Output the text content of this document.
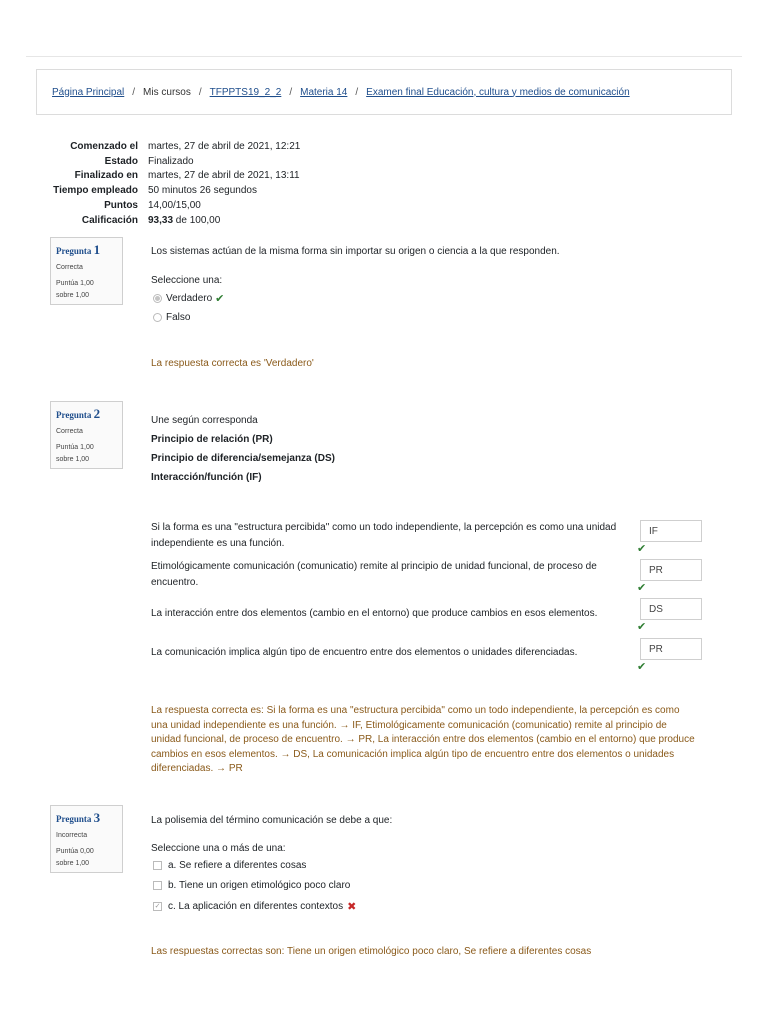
Página Principal / Mis cursos / TFPPTS19_2_2 / Materia 14 / Examen final Educación, cultura y medios de comunicación
Comenzado el	martes, 27 de abril de 2021, 12:21
Estado	Finalizado
Finalizado en	martes, 27 de abril de 2021, 13:11
Tiempo empleado	50 minutos 26 segundos
Puntos	14,00/15,00
Calificación	93,33 de 100,00
Pregunta 1
Correcta
Puntúa 1,00
sobre 1,00
Los sistemas actúan de la misma forma sin importar su origen o ciencia a la que responden.
Seleccione una:
Verdadero ✔
Falso
La respuesta correcta es 'Verdadero'
Pregunta 2
Correcta
Puntúa 1,00
sobre 1,00
Une según corresponda
Principio de relación (PR)
Principio de diferencia/semejanza (DS)
Interacción/función (IF)
Si la forma es una "estructura percibida" como un todo independiente, la percepción es como una unidad independiente es una función.
IF
✔
Etimológicamente comunicación (comunicatio) remite al principio de unidad funcional, de proceso de encuentro.
PR
✔
La interacción entre dos elementos (cambio en el entorno) que produce cambios en esos elementos.	DS
✔
La comunicación implica algún tipo de encuentro entre dos elementos o unidades diferenciadas.	PR
✔
La respuesta correcta es: Si la forma es una "estructura percibida" como un todo independiente, la percepción es como una unidad independiente es una función. → IF, Etimológicamente comunicación (comunicatio) remite al principio de unidad funcional, de proceso de encuentro. → PR, La interacción entre dos elementos (cambio en el entorno) que produce cambios en esos elementos. → DS, La comunicación implica algún tipo de encuentro entre dos elementos o unidades diferenciadas. → PR
Pregunta 3
Incorrecta
Puntúa 0,00
sobre 1,00
La polisemia del término comunicación se debe a que:
Seleccione una o más de una:
a. Se refiere a diferentes cosas
b. Tiene un origen etimológico poco claro
✓ c. La aplicación en diferentes contextos ✖
Las respuestas correctas son: Tiene un origen etimológico poco claro, Se refiere a diferentes cosas
